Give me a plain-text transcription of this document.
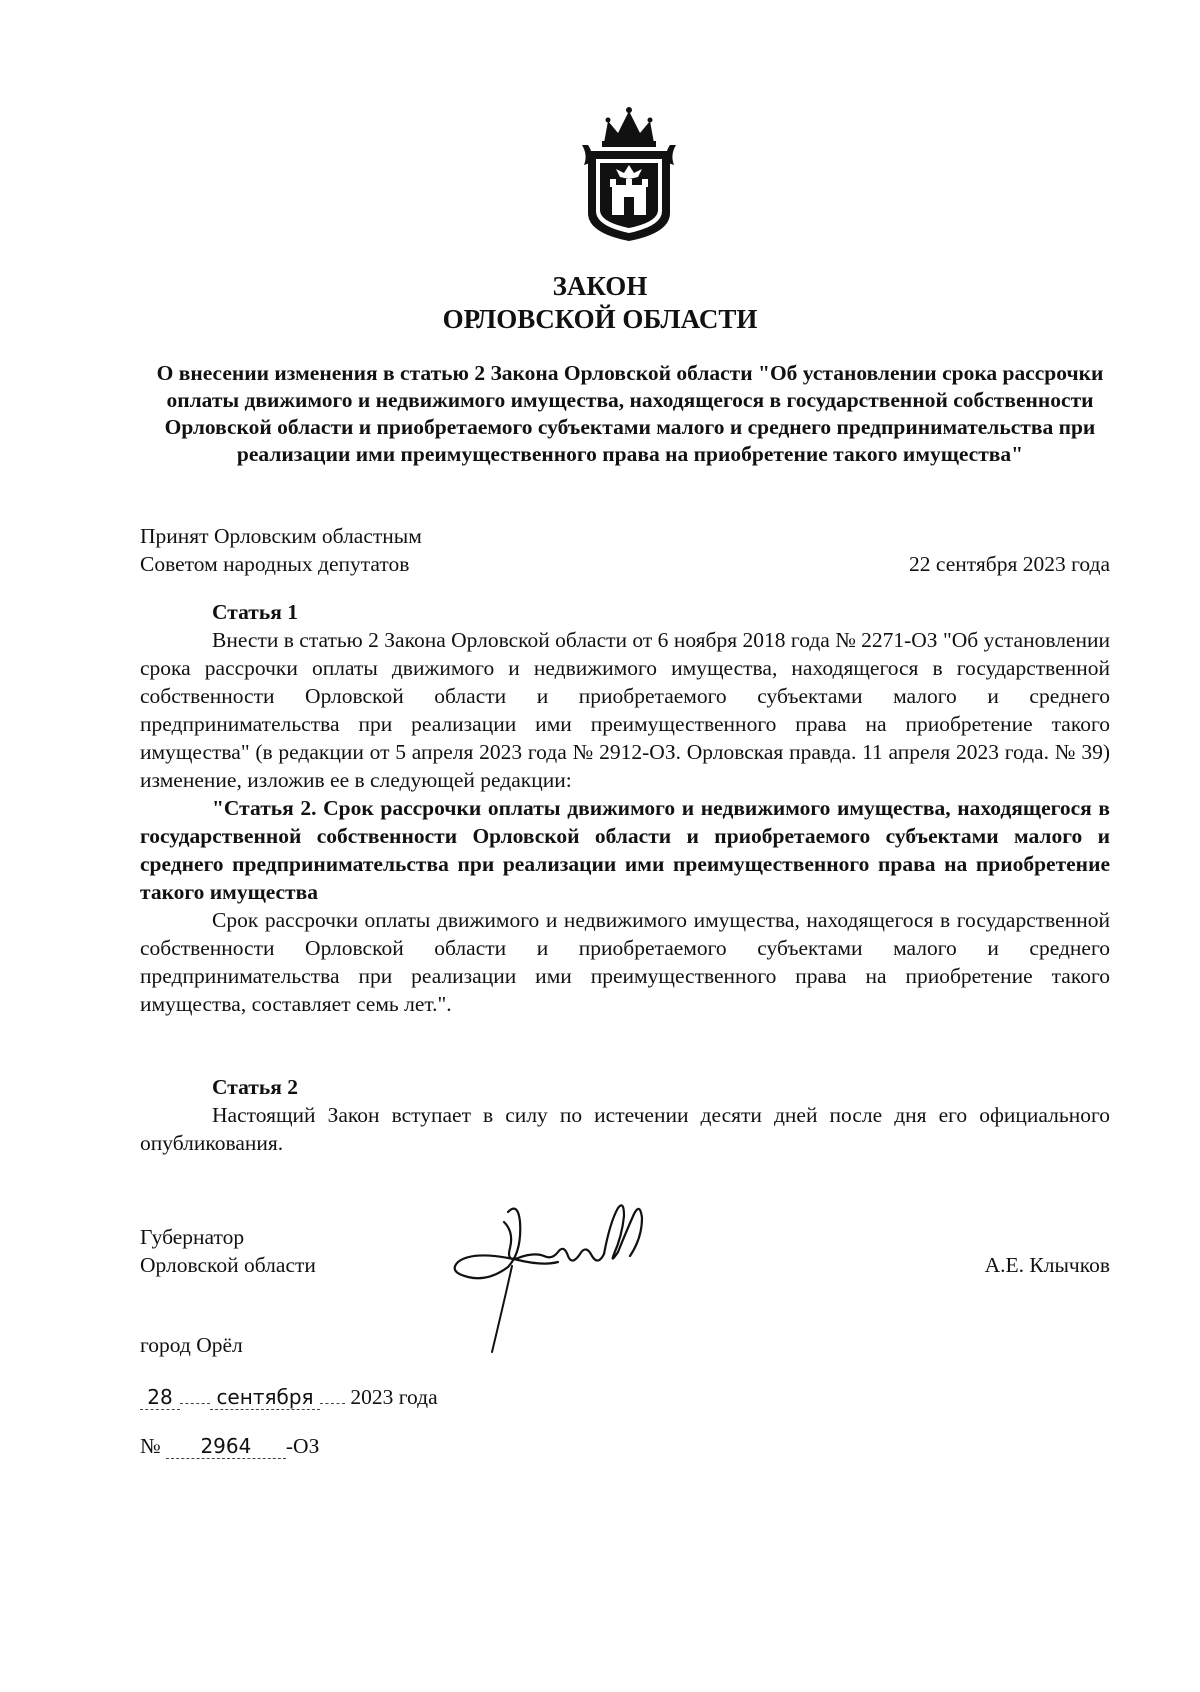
ЗАКОН
ОРЛОВСКОЙ ОБЛАСТИ
О внесении изменения в статью 2 Закона Орловской области "Об установлении срока рассрочки оплаты движимого и недвижимого имущества, находящегося в государственной собственности Орловской области и приобретаемого субъектами малого и среднего предпринимательства при реализации ими преимущественного права на приобретение такого имущества"
Принят Орловским областным
Советом народных депутатов	22 сентября 2023 года
Статья 1

Внести в статью 2 Закона Орловской области от 6 ноября 2018 года № 2271-ОЗ "Об установлении срока рассрочки оплаты движимого и недвижимого имущества, находящегося в государственной собственности Орловской области и приобретаемого субъектами малого и среднего предпринимательства при реализации ими преимущественного права на приобретение такого имущества" (в редакции от 5 апреля 2023 года № 2912-ОЗ. Орловская правда. 11 апреля 2023 года. № 39) изменение, изложив ее в следующей редакции:

"Статья 2. Срок рассрочки оплаты движимого и недвижимого имущества, находящегося в государственной собственности Орловской области и приобретаемого субъектами малого и среднего предпринимательства при реализации ими преимущественного права на приобретение такого имущества

Срок рассрочки оплаты движимого и недвижимого имущества, находящегося в государственной собственности Орловской области и приобретаемого субъектами малого и среднего предпринимательства при реализации ими преимущественного права на приобретение такого имущества, составляет семь лет.".

Статья 2

Настоящий Закон вступает в силу по истечении десяти дней после дня его официального опубликования.

Губернатор
Орловской области	А.Е. Клычков
город Орёл
28 сентября 2023 года
№ 2964 -ОЗ
